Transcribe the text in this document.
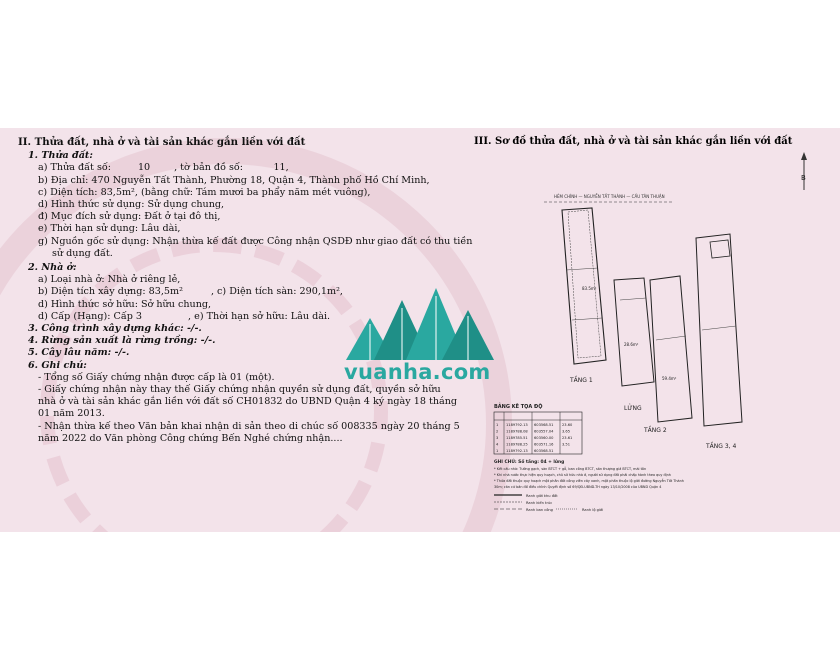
II. Thửa đất, nhà ở và tài sản khác gắn liền với đất
1. Thửa đất:
a) Thửa đất số:	10 , tờ bản đồ số:	11,
b) Địa chỉ: 470 Nguyễn Tất Thành, Phường 18, Quận 4, Thành phố Hồ Chí Minh,
c) Diện tích: 83,5m², (bằng chữ: Tám mươi ba phẩy năm mét vuông),
d) Hình thức sử dụng: Sử dụng chung,
đ) Mục đích sử dụng: Đất ở tại đô thị,
e) Thời hạn sử dụng: Lâu dài,
g) Nguồn gốc sử dụng: Nhận thừa kế đất được Công nhận QSDĐ như giao đất có thu tiền
sử dụng đất.
2. Nhà ở:
a) Loại nhà ở: Nhà ở riêng lẻ,
b) Diện tích xây dựng: 83,5m²	, c) Diện tích sàn: 290,1m²,
d) Hình thức sở hữu: Sở hữu chung,
d) Cấp (Hạng): Cấp 3	, e) Thời hạn sở hữu: Lâu dài.
3. Công trình xây dựng khác: -/-.
4. Rừng sản xuất là rừng trồng: -/-.
5. Cây lâu năm: -/-.
6. Ghi chú:
- Tổng số Giấy chứng nhận được cấp là 01 (một).
- Giấy chứng nhận này thay thế Giấy chứng nhận quyền sử dụng đất, quyền sở hữu
nhà ở và tài sản khác gắn liền với đất số CH01832 do UBND Quận 4 ký ngày 18 tháng
01 năm 2013.
- Nhận thừa kế theo Văn bản khai nhận di sản theo di chúc số 008335 ngày 20 tháng 5
năm 2022 do Văn phòng Công chứng Bến Nghé chứng nhận....
III. Sơ đồ thửa đất, nhà ở và tài sản khác gắn liền với đất
B
HẺM CHÍNH — NGUYỄN TẤT THÀNH — CẦU TÂN THUẬN
83.5m²
TẦNG 1
28.6m²
LỬNG
59.4m²
TẦNG 2
TẦNG 3, 4
BẢNG KÊ TỌA ĐỘ
GHI CHÚ: Số tầng: 04 + lửng
* Kết cấu nhà: Tường gạch, sàn BTCT + gỗ, ban công BTCT, sân thượng giả BTCT, mái tôn
* Khi nhà nước thực hiện quy hoạch, chủ sử hữu nhà ở, người sử dụng đất phải chấp hành theo quy định
* Thửa đất thuộc quy hoạch một phần đất công viên cây xanh, một phần thuộc lộ giới đường Nguyễn Tất Thành
30m; căn cứ bản đồ điều chỉnh Quyết định số 69/QĐ-UBND-TH ngày 13/10/2008 của UBND Quận 4
Ranh giới khu đất
Ranh kiến trúc
Ranh ban công	Ranh lộ giới
1 1189792.13 603568.51 23.60
2 1189788.08 603557.04 3.65
3 1189785.51 603560.00 23.61
4 1189788.25 603571.16 3.51
1 1189792.13 603568.51
vuanha.com
